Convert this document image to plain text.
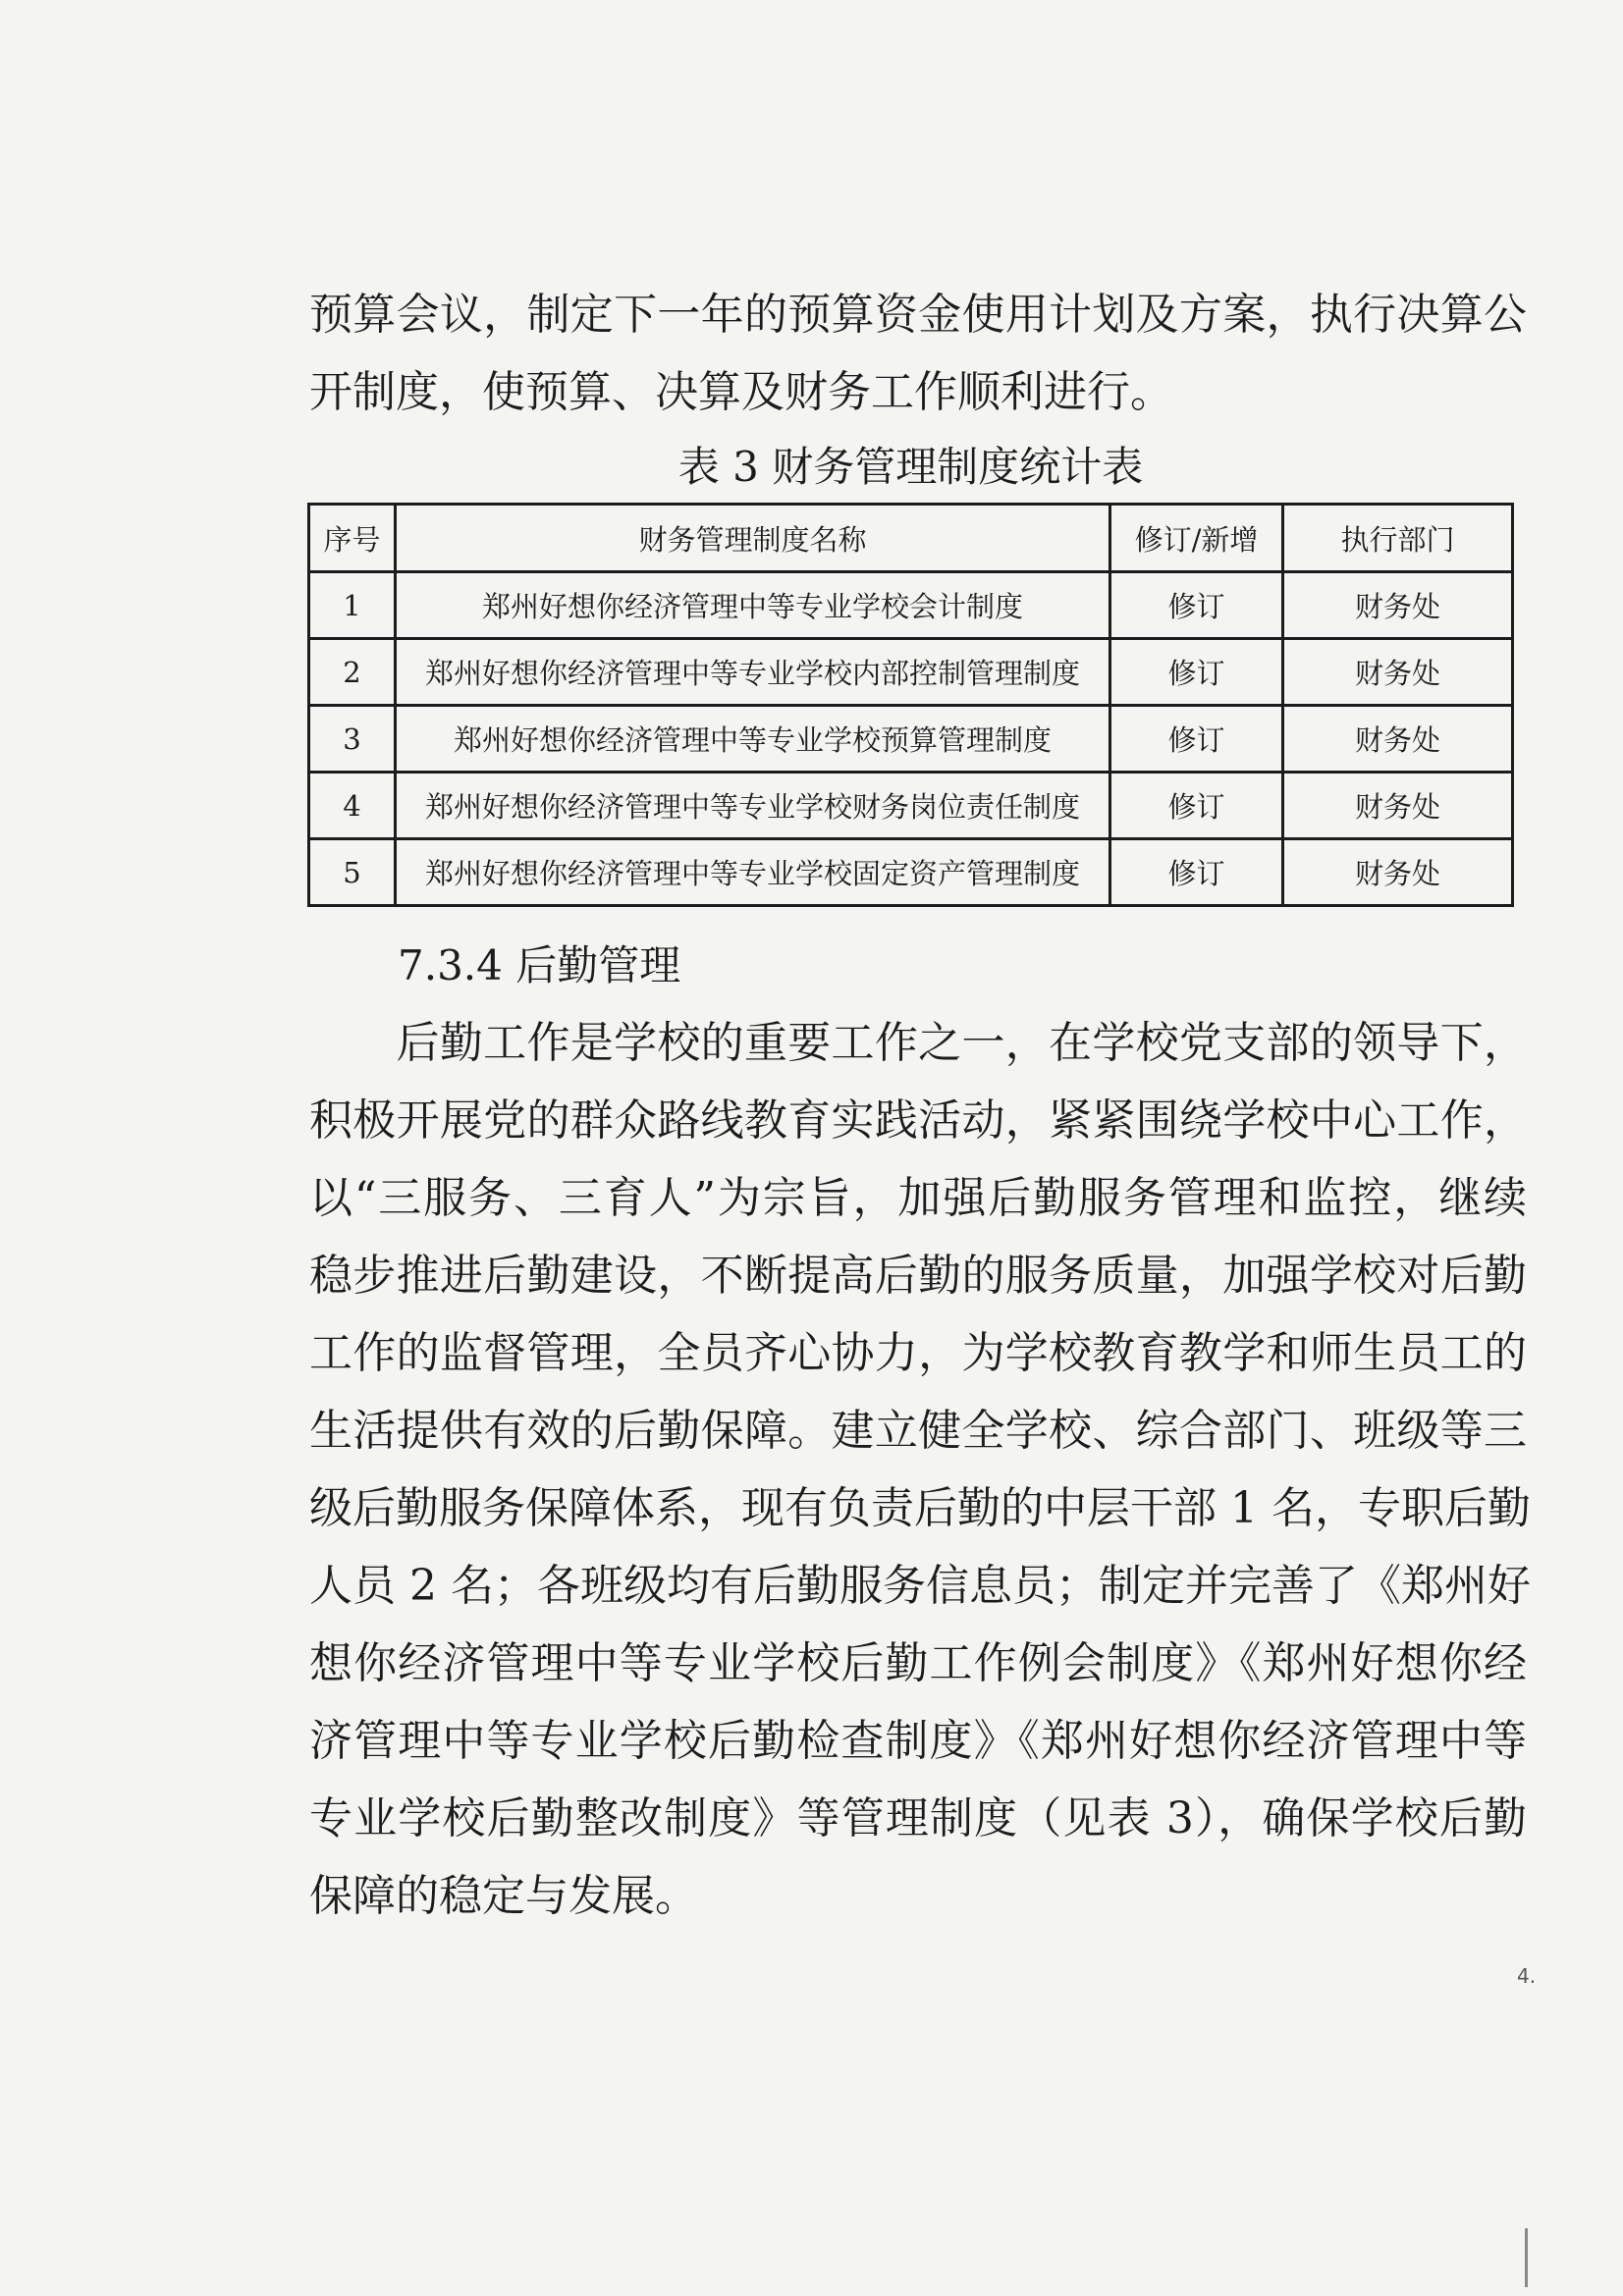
预算会议，制定下一年的预算资金使用计划及方案，执行决算公
开制度，使预算、决算及财务工作顺利进行。
表 3 财务管理制度统计表
序号	财务管理制度名称	修订/新增	执行部门
1	郑州好想你经济管理中等专业学校会计制度	修订	财务处
2	郑州好想你经济管理中等专业学校内部控制管理制度	修订	财务处
3	郑州好想你经济管理中等专业学校预算管理制度	修订	财务处
4	郑州好想你经济管理中等专业学校财务岗位责任制度	修订	财务处
5	郑州好想你经济管理中等专业学校固定资产管理制度	修订	财务处
7.3.4 后勤管理
　　后勤工作是学校的重要工作之一，在学校党支部的领导下，
积极开展党的群众路线教育实践活动，紧紧围绕学校中心工作，
以“三服务、三育人”为宗旨，加强后勤服务管理和监控，继续
稳步推进后勤建设，不断提高后勤的服务质量，加强学校对后勤
工作的监督管理，全员齐心协力，为学校教育教学和师生员工的
生活提供有效的后勤保障。建立健全学校、综合部门、班级等三
级后勤服务保障体系，现有负责后勤的中层干部 1 名，专职后勤
人员 2 名；各班级均有后勤服务信息员；制定并完善了《郑州好
想你经济管理中等专业学校后勤工作例会制度》《郑州好想你经
济管理中等专业学校后勤检查制度》《郑州好想你经济管理中等
专业学校后勤整改制度》等管理制度（见表 3），确保学校后勤
保障的稳定与发展。
4.
